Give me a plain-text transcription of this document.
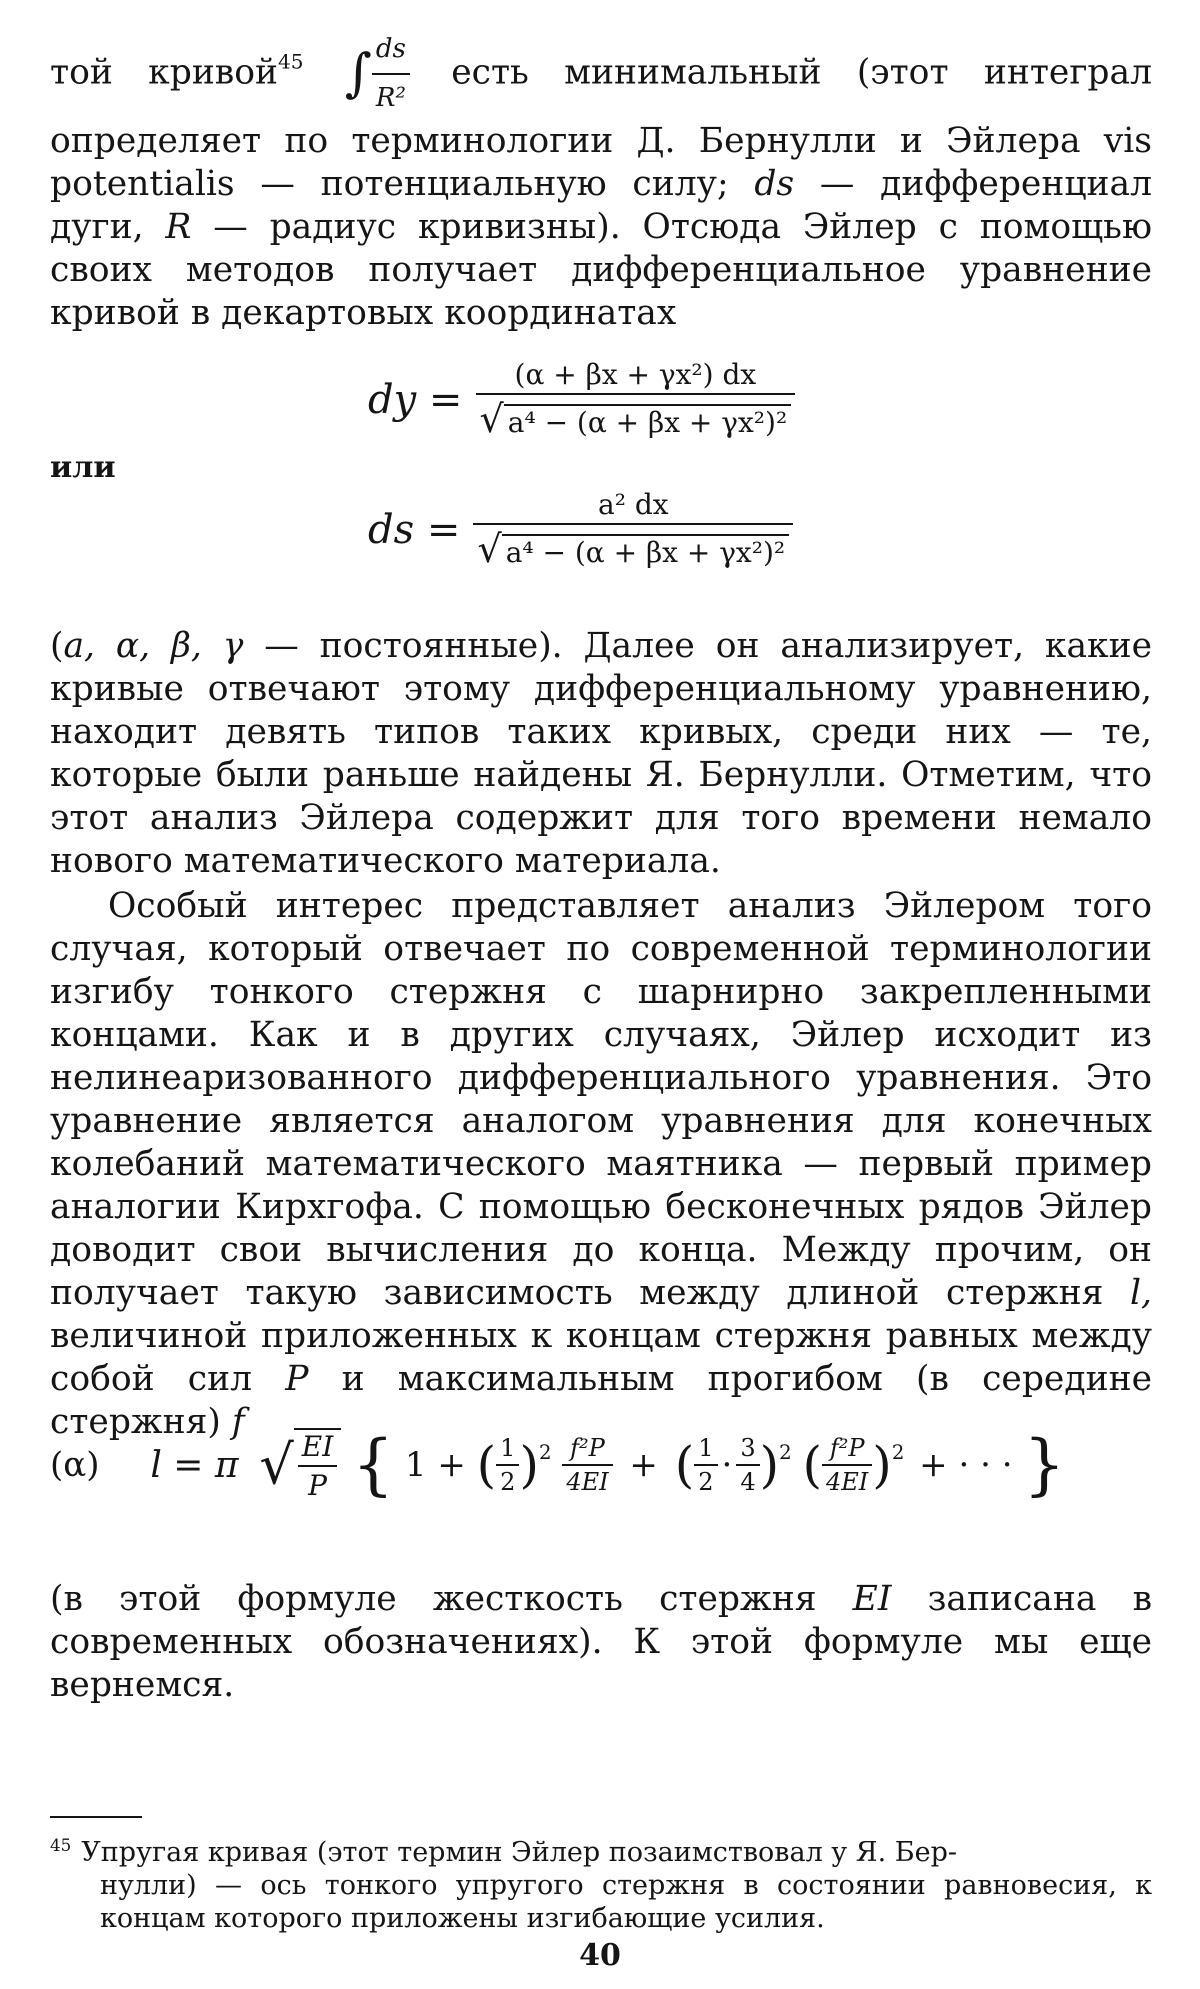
той кривой$^{45}$ ∫ $\frac{ds}{\text{R²}}$ есть минимальный (этот интеграл определяет по терминологии Д. Бернулли и Эйлера vis potentialis — потенциальную силу; ds — дифференциал дуги, R — радиус кривизны). Отсюда Эйлер с помощью своих методов получает дифференциальное уравнение кривой в декартовых координатах

dy = $\frac{\text{(α + βx + γx²) dx}}{\text{√ a⁴ − (α + βx + γx²)²}}$
или
ds = $\frac{\text{a² dx}}{\text{√ a⁴ − (α + βx + γx²)²}}$

(a, α, β, γ — постоянные). Далее он анализирует, какие кривые отвечают этому дифференциальному уравнению, находит девять типов таких кривых, среди них — те, которые были раньше найдены Я. Бернулли. Отметим, что этот анализ Эйлера содержит для того времени немало нового математического материала.

Особый интерес представляет анализ Эйлером того случая, который отвечает по современной терминологии изгибу тонкого стержня с шарнирно закрепленными концами. Как и в других случаях, Эйлер исходит из нелинеаризованного дифференциального уравнения. Это уравнение является аналогом уравнения для конечных колебаний математического маятника — первый пример аналогии Кирхгофа. С помощью бесконечных рядов Эйлер доводит свои вычисления до конца. Между прочим, он получает такую зависимость между длиной стержня l, величиной приложенных к концам стержня равных между собой сил P и максимальным прогибом (в середине стержня) f

(α) l = π √ $\frac{EI}{P}$ { 1 + ( $\frac{1}{2} )^2 \frac{\text{f²P}}{4EI}$ + ( $\frac{1}{2} \cdot \frac{3}{4} )^2$ ( $\frac{\text{f²P}}{4EI} )^2$ + · · · }

(в этой формуле жесткость стержня EI записана в современных обозначениях). К этой формуле мы еще вернемся.

$^{45}$ Упругая кривая (этот термин Эйлер позаимствовал у Я. Бер-
нулли) — ось тонкого упругого стержня в состоянии равновесия, к концам которого приложены изгибающие усилия.
40
